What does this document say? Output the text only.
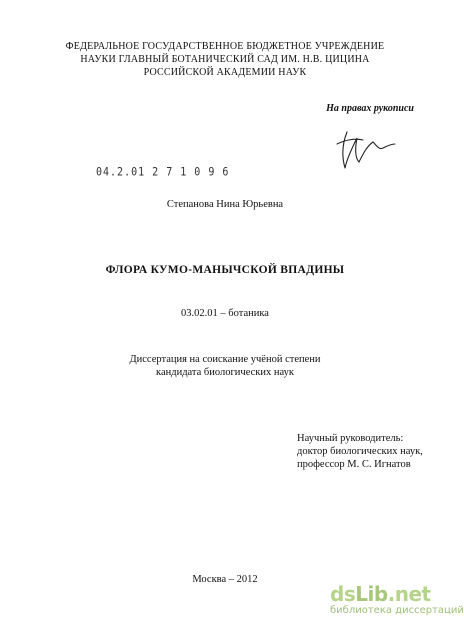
ФЕДЕРАЛЬНОЕ ГОСУДАРСТВЕННОЕ БЮДЖЕТНОЕ УЧРЕЖДЕНИЕ
НАУКИ ГЛАВНЫЙ БОТАНИЧЕСКИЙ САД ИМ. Н.В. ЦИЦИНА
РОССИЙСКОЙ АКАДЕМИИ НАУК
На правах рукописи
04.2.01 2 7 1 0 9 6
Степанова Нина Юрьевна
ФЛОРА КУМО-МАНЫЧСКОЙ ВПАДИНЫ
03.02.01 – ботаника
Диссертация на соискание учёной степени
кандидата биологических наук
Научный руководитель:
доктор биологических наук,
профессор М. С. Игнатов
Москва – 2012
dsLib.net
библиотека диссертаций
